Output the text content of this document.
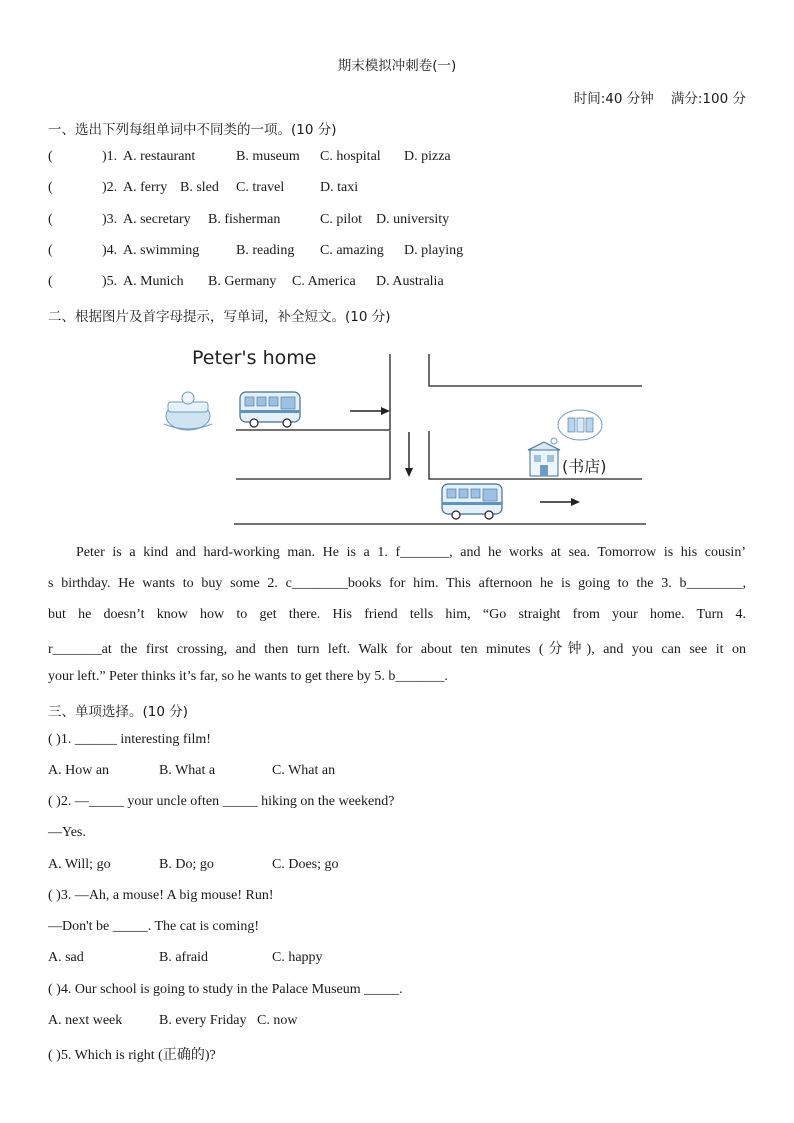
期末模拟冲刺卷(一)
时间:40 分钟    满分:100 分
一、选出下列每组单词中不同类的一项。(10 分)
(	)1. A. restaurant	B. museum C. hospital D. pizza
(	)2. A. ferry B. sled C. travel	D. taxi
(	)3. A. secretary B. fisherman	C. pilot D. university
(	)4. A. swimming	B. reading C. amazing D. playing
(	)5. A. Munich B. Germany C. America D. Australia
二、根据图片及首字母提示，写单词，补全短文。(10 分)
Peter's home
(书店)
Peter is a kind and hard-working man. He is a 1. f_______, and he works at sea. Tomorrow is his cousin’
s birthday. He wants to buy some 2. c________books for him. This afternoon he is going to the 3. b________,
but he doesn’t know how to get there. His friend tells him, “Go straight from your home. Turn 4.
r_______at the first crossing, and then turn left. Walk for about ten minutes (分钟), and you can see it on
your left.” Peter thinks it’s far, so he wants to get there by 5. b_______.
三、单项选择。(10 分)
( )1. ______ interesting film!
A. How an	B. What a	C. What an
( )2. —_____ your uncle often _____ hiking on the weekend?
—Yes.
A. Will; go	B. Do; go	C. Does; go
( )3. —Ah, a mouse! A big mouse! Run!
—Don't be _____. The cat is coming!
A. sad	B. afraid	C. happy
( )4. Our school is going to study in the Palace Museum _____.
A. next week	B. every Friday C. now
( )5. Which is right (正确的)?
